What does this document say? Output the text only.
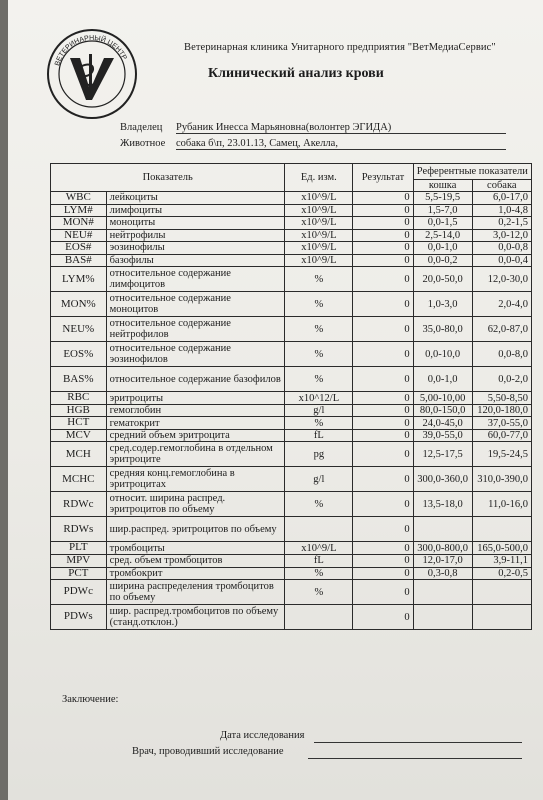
ВЕТЕРИНАРНЫЙ ЦЕНТР
Ветеринарная клиника Унитарного предприятия "ВетМедиаСервис"
Клинический анализ крови
Владелец Рубаник Инесса Марьяновна(волонтер ЭГИДА)
Животное собака б\п, 23.01.13, Самец, Акелла,
Показатель		Ед. изм.	Результат	Референтные показатели	
				кошка	собака
WBC	лейкоциты	x10^9/L	0	5,5-19,5	6,0-17,0
LYM#	лимфоциты	x10^9/L	0	1,5-7,0	1,0-4,8
MON#	моноциты	x10^9/L	0	0,0-1,5	0,2-1,5
NEU#	нейтрофилы	x10^9/L	0	2,5-14,0	3,0-12,0
EOS#	эозинофилы	x10^9/L	0	0,0-1,0	0,0-0,8
BAS#	базофилы	x10^9/L	0	0,0-0,2	0,0-0,4
LYM%	относительное содержание лимфоцитов	%	0	20,0-50,0	12,0-30,0
MON%	относительное содержание моноцитов	%	0	1,0-3,0	2,0-4,0
NEU%	относительное содержание нейтрофилов	%	0	35,0-80,0	62,0-87,0
EOS%	относительное содержание эозинофилов	%	0	0,0-10,0	0,0-8,0
BAS%	относительное содержание базофилов	%	0	0,0-1,0	0,0-2,0
RBC	эритроциты	x10^12/L	0	5,00-10,00	5,50-8,50
HGB	гемоглобин	g/l	0	80,0-150,0	120,0-180,0
HCT	гематокрит	%	0	24,0-45,0	37,0-55,0
MCV	средний объем эритроцита	fL	0	39,0-55,0	60,0-77,0
MCH	сред.содер.гемоглобина в отдельном эритроците	pg	0	12,5-17,5	19,5-24,5
MCHC	средняя конц.гемоглобина в эритроцитах	g/l	0	300,0-360,0	310,0-390,0
RDWc	относит. ширина распред. эритроцитов по объему	%	0	13,5-18,0	11,0-16,0
RDWs	шир.распред. эритроцитов по объему		0		
PLT	тромбоциты	x10^9/L	0	300,0-800,0	165,0-500,0
MPV	сред. объем тромбоцитов	fL	0	12,0-17,0	3,9-11,1
PCT	тромбокрит	%	0	0,3-0,8	0,2-0,5
PDWc	ширина распределения тромбоцитов по объему	%	0		
PDWs	шир. распред.тромбоцитов по объему (станд.отклон.)		0		
Заключение:
Дата исследования
Врач, проводивший исследование
